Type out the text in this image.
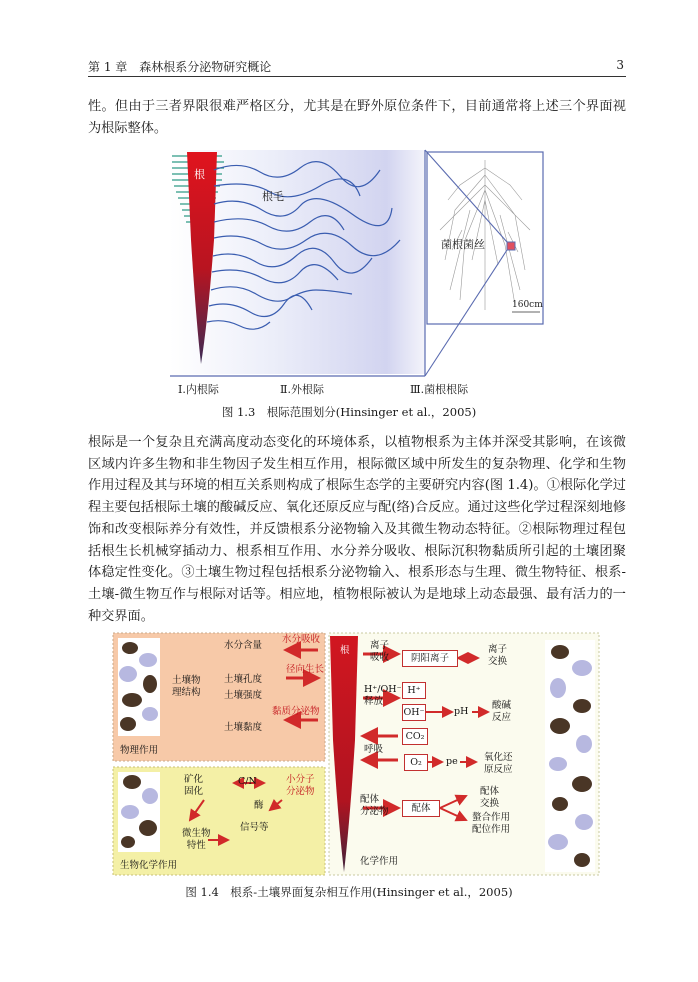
第 1 章　森林根系分泌物研究概论	3
性。但由于三者界限很难严格区分，尤其是在野外原位条件下，目前通常将上述三个界面视为根际整体。
根
根毛
菌根菌丝
160cm
Ⅰ.内根际	Ⅱ.外根际	Ⅲ.菌根根际
图 1.3　根际范围划分(Hinsinger et al.，2005)
根际是一个复杂且充满高度动态变化的环境体系，以植物根系为主体并深受其影响，在该微区域内许多生物和非生物因子发生相互作用，根际微区域中所发生的复杂物理、化学和生物作用过程及其与环境的相互关系则构成了根际生态学的主要研究内容(图 1.4)。①根际化学过程主要包括根际土壤的酸碱反应、氧化还原反应与配(络)合反应。通过这些化学过程深刻地修饰和改变根际养分有效性，并反馈根系分泌物输入及其微生物动态特征。②根际物理过程包括根生长机械穿插动力、根系相互作用、水分养分吸收、根际沉积物黏质所引起的土壤团聚体稳定性变化。③土壤生物过程包括根系分泌物输入、根系形态与生理、微生物特征、根系-土壤-微生物互作与根际对话等。相应地，植物根际被认为是地球上动态最强、最有活力的一种交界面。
土壤物
理结构
水分含量
土壤孔度
土壤强度
土壤黏度
水分吸收
径向生长
黏质分泌物
物理作用
矿化
固化
C/N	小分子
分泌物
酶
信号等
微生物
特性
生物化学作用
根 离子
吸收	阴阳离子
离子
交换
H⁺/OH⁻
释放
H⁺
OH⁻	pH
酸碱
反应
CO₂
呼吸
O₂	pe	氧化还
原反应
配体
分泌物	配体
配体
交换
螯合作用
配位作用
化学作用
图 1.4　根系-土壤界面复杂相互作用(Hinsinger et al.，2005)
